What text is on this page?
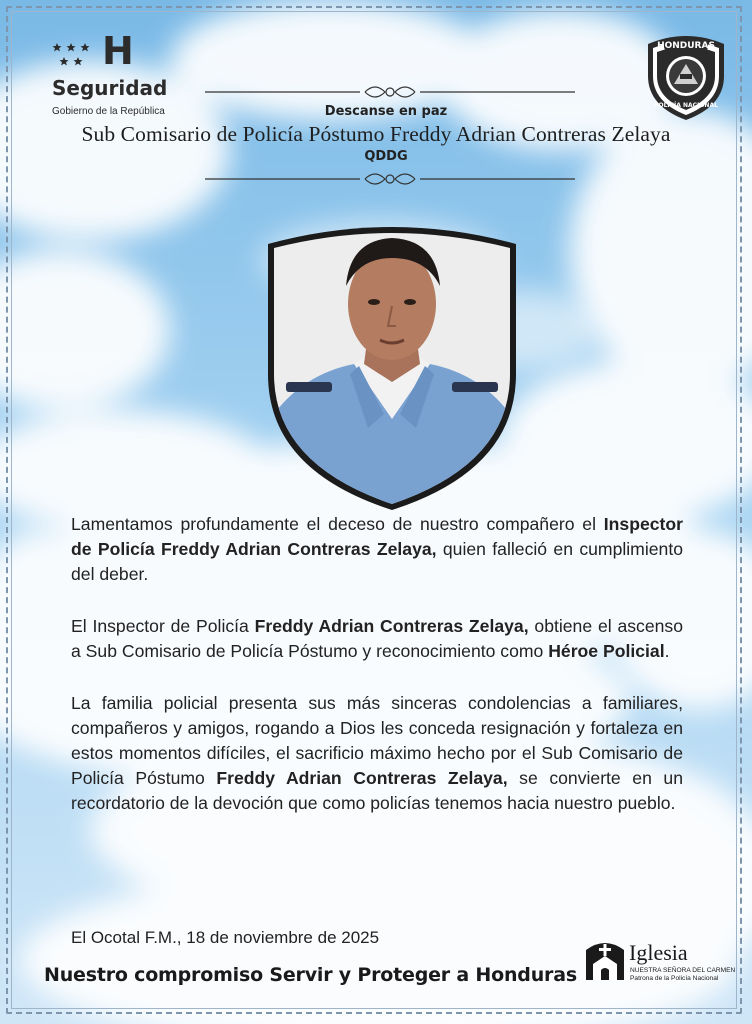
H
Seguridad
Gobierno de la República
HONDURAS
POLICÍA NACIONAL
Descanse en paz
Sub Comisario de Policía Póstumo Freddy Adrian Contreras Zelaya
QDDG

Lamentamos profundamente el deceso de nuestro compañero el Inspector de Policía Freddy Adrian Contreras Zelaya, quien falleció en cumplimiento del deber.

El Inspector de Policía Freddy Adrian Contreras Zelaya, obtiene el ascenso a Sub Comisario de Policía Póstumo y reconocimiento como Héroe Policial.

La familia policial presenta sus más sinceras condolencias a familiares, compañeros y amigos, rogando a Dios les conceda resignación y fortaleza en estos momentos difíciles, el sacrificio máximo hecho por el Sub Comisario de Policía Póstumo Freddy Adrian Contreras Zelaya, se convierte en un recordatorio de la devoción que como policías tenemos hacia nuestro pueblo.

El Ocotal F.M., 18 de noviembre de 2025
Nuestro compromiso Servir y Proteger a Honduras
Iglesia
NUESTRA SEÑORA DEL CARMEN
Patrona de la Policía Nacional
